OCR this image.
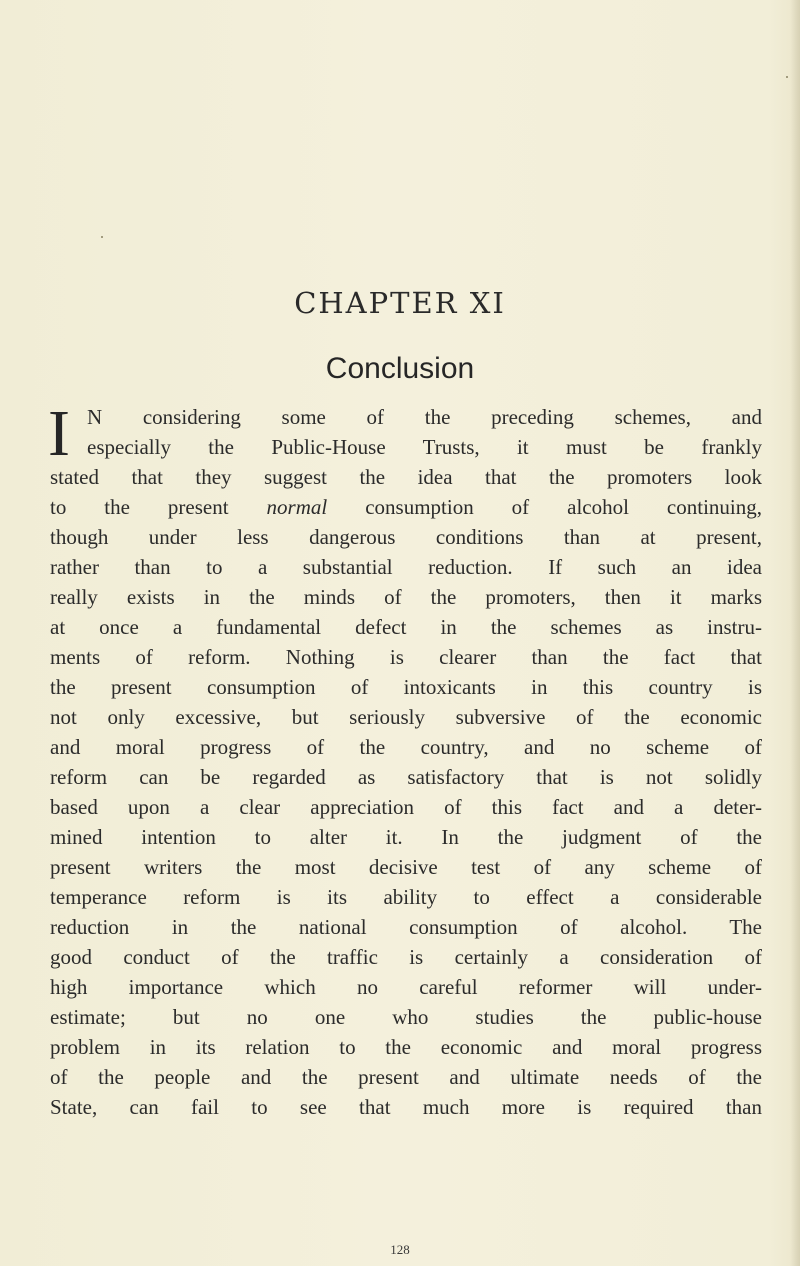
CHAPTER XI
Conclusion
I N considering some of the preceding schemes, and
especially the Public-House Trusts, it must be frankly
stated that they suggest the idea that the promoters look
to the present normal consumption of alcohol continuing,
though under less dangerous conditions than at present,
rather than to a substantial reduction. If such an idea
really exists in the minds of the promoters, then it marks
at once a fundamental defect in the schemes as instru-
ments of reform. Nothing is clearer than the fact that
the present consumption of intoxicants in this country is
not only excessive, but seriously subversive of the economic
and moral progress of the country, and no scheme of
reform can be regarded as satisfactory that is not solidly
based upon a clear appreciation of this fact and a deter-
mined intention to alter it. In the judgment of the
present writers the most decisive test of any scheme of
temperance reform is its ability to effect a considerable
reduction in the national consumption of alcohol. The
good conduct of the traffic is certainly a consideration of
high importance which no careful reformer will under-
estimate; but no one who studies the public-house
problem in its relation to the economic and moral progress
of the people and the present and ultimate needs of the
State, can fail to see that much more is required than
128
